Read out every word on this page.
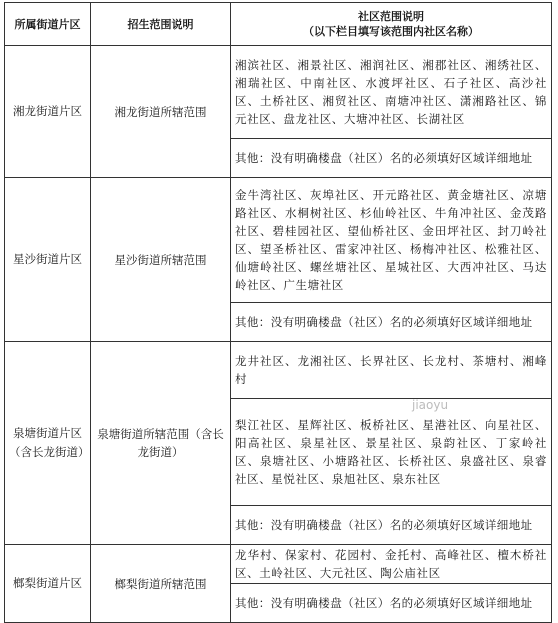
所属街道片区	招生范围说明	社区范围说明
（以下栏目填写该范围内社区名称）
湘龙街道片区	湘龙街道所辖范围	湘滨社区、湘景社区、湘润社区、湘郡社区、湘绣社区、湘瑞社区、中南社区、水渡坪社区、石子社区、高沙社区、土桥社区、湘贸社区、南塘冲社区、潇湘路社区、锦元社区、盘龙社区、大塘冲社区、长湖社区
		其他：没有明确楼盘（社区）名的必须填好区域详细地址
星沙街道片区	星沙街道所辖范围	金牛湾社区、灰埠社区、开元路社区、黄金塘社区、凉塘路社区、水桐树社区、杉仙岭社区、牛角冲社区、金茂路社区、碧桂园社区、望仙桥社区、金田坪社区、封刀岭社区、望圣桥社区、雷家冲社区、杨梅冲社区、松雅社区、仙塘岭社区、螺丝塘社区、星城社区、大西冲社区、马达岭社区、广生塘社区
		其他：没有明确楼盘（社区）名的必须填好区域详细地址
泉塘街道片区（含长龙街道）	泉塘街道所辖范围（含长龙街道）	龙井社区、龙湘社区、长界社区、长龙村、茶塘村、湘峰村
		梨江社区、星辉社区、板桥社区、星港社区、向星社区、阳高社区、泉星社区、景星社区、泉韵社区、丁家岭社区、泉塘社区、小塘路社区、长桥社区、泉盛社区、泉睿社区、星悦社区、泉旭社区、泉东社区
		其他：没有明确楼盘（社区）名的必须填好区域详细地址
榔梨街道片区	榔梨街道所辖范围	龙华村、保家村、花园村、金托村、高峰社区、檀木桥社区、土岭社区、大元社区、陶公庙社区
		其他：没有明确楼盘（社区）名的必须填好区域详细地址
jiaoyu
